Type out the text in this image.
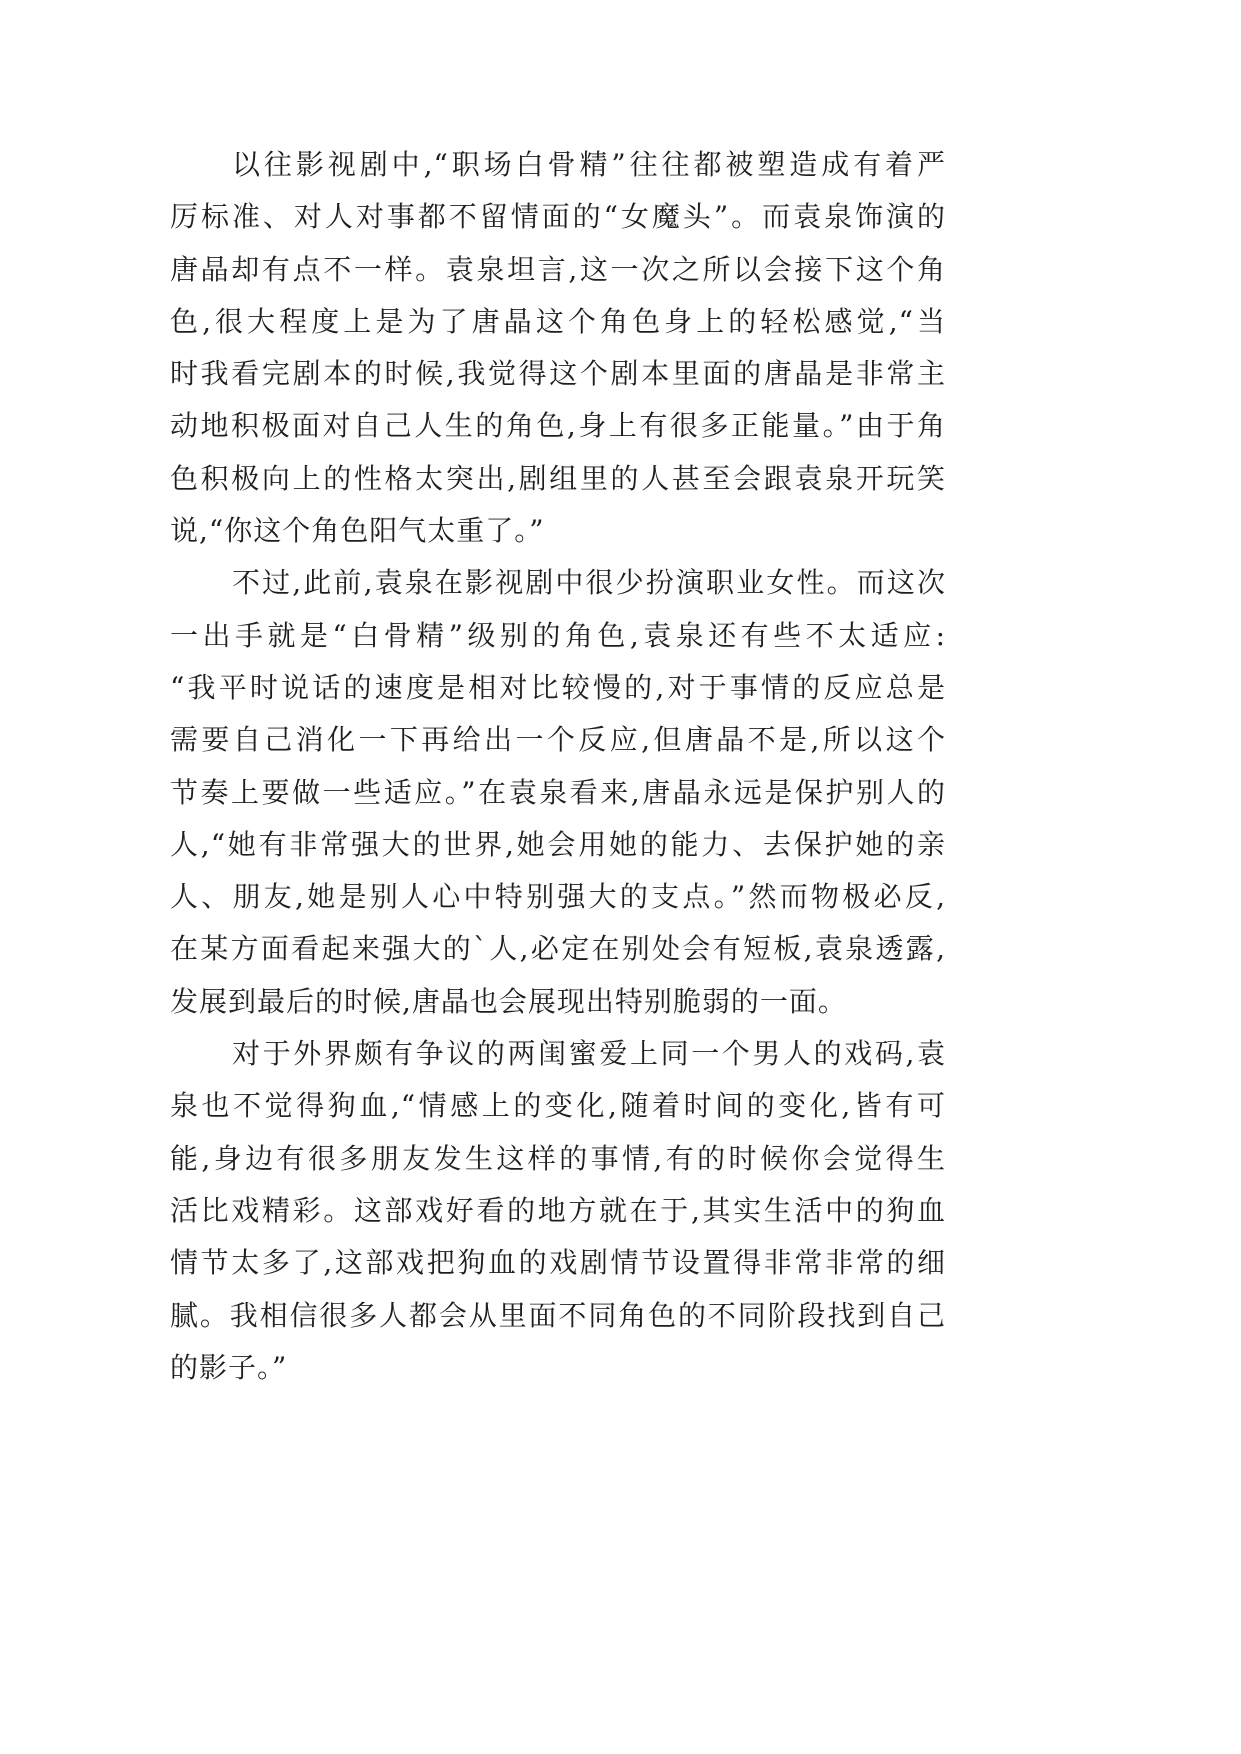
以往影视剧中,“职场白骨精”往往都被塑造成有着严
厉标准、对人对事都不留情面的“女魔头”。而袁泉饰演的
唐晶却有点不一样。袁泉坦言,这一次之所以会接下这个角
色,很大程度上是为了唐晶这个角色身上的轻松感觉,“当
时我看完剧本的时候,我觉得这个剧本里面的唐晶是非常主
动地积极面对自己人生的角色,身上有很多正能量。”由于角
色积极向上的性格太突出,剧组里的人甚至会跟袁泉开玩笑
说,“你这个角色阳气太重了。”
不过,此前,袁泉在影视剧中很少扮演职业女性。而这次
一出手就是“白骨精”级别的角色,袁泉还有些不太适应:
“我平时说话的速度是相对比较慢的,对于事情的反应总是
需要自己消化一下再给出一个反应,但唐晶不是,所以这个
节奏上要做一些适应。”在袁泉看来,唐晶永远是保护别人的
人,“她有非常强大的世界,她会用她的能力、去保护她的亲
人、朋友,她是别人心中特别强大的支点。”然而物极必反,
在某方面看起来强大的`人,必定在别处会有短板,袁泉透露,
发展到最后的时候,唐晶也会展现出特别脆弱的一面。
对于外界颇有争议的两闺蜜爱上同一个男人的戏码,袁
泉也不觉得狗血,“情感上的变化,随着时间的变化,皆有可
能,身边有很多朋友发生这样的事情,有的时候你会觉得生
活比戏精彩。这部戏好看的地方就在于,其实生活中的狗血
情节太多了,这部戏把狗血的戏剧情节设置得非常非常的细
腻。我相信很多人都会从里面不同角色的不同阶段找到自己
的影子。”
